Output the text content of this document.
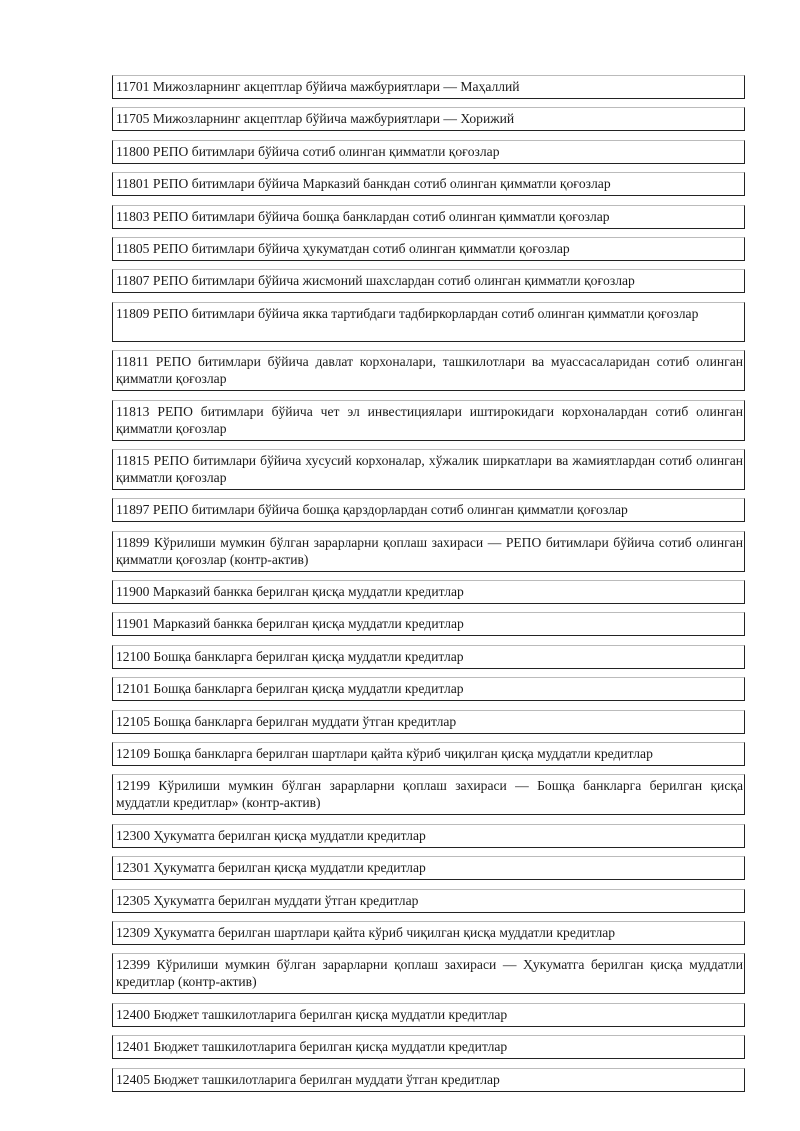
11701 Мижозларнинг акцептлар бўйича мажбуриятлари — Маҳаллий
11705 Мижозларнинг акцептлар бўйича мажбуриятлари — Хорижий
11800 РЕПО битимлари бўйича сотиб олинган қимматли қоғозлар
11801 РЕПО битимлари бўйича Марказий банкдан сотиб олинган қимматли қоғозлар
11803 РЕПО битимлари бўйича бошқа банклардан сотиб олинган қимматли қоғозлар
11805 РЕПО битимлари бўйича ҳукуматдан сотиб олинган қимматли қоғозлар
11807 РЕПО битимлари бўйича жисмоний шахслардан сотиб олинган қимматли қоғозлар
11809 РЕПО битимлари бўйича якка тартибдаги тадбиркорлардан сотиб олинган қимматли қоғозлар
11811 РЕПО битимлари бўйича давлат корхоналари, ташкилотлари ва муассасаларидан сотиб олинган қимматли қоғозлар
11813 РЕПО битимлари бўйича чет эл инвестициялари иштирокидаги корхоналардан сотиб олинган қимматли қоғозлар
11815 РЕПО битимлари бўйича хусусий корхоналар, хўжалик ширкатлари ва жамиятлардан сотиб олинган қимматли қоғозлар
11897 РЕПО битимлари бўйича бошқа қарздорлардан сотиб олинган қимматли қоғозлар
11899 Кўрилиши мумкин бўлган зарарларни қоплаш захираси — РЕПО битимлари бўйича сотиб олинган қимматли қоғозлар (контр-актив)
11900 Марказий банкка берилган қисқа муддатли кредитлар
11901 Марказий банкка берилган қисқа муддатли кредитлар
12100 Бошқа банкларга берилган қисқа муддатли кредитлар
12101 Бошқа банкларга берилган қисқа муддатли кредитлар
12105 Бошқа банкларга берилган муддати ўтган кредитлар
12109 Бошқа банкларга берилган шартлари қайта кўриб чиқилган қисқа муддатли кредитлар
12199 Кўрилиши мумкин бўлган зарарларни қоплаш захираси — Бошқа банкларга берилган қисқа муддатли кредитлар» (контр-актив)
12300 Ҳукуматга берилган қисқа муддатли кредитлар
12301 Ҳукуматга берилган қисқа муддатли кредитлар
12305 Ҳукуматга берилган муддати ўтган кредитлар
12309 Ҳукуматга берилган шартлари қайта кўриб чиқилган қисқа муддатли кредитлар
12399 Кўрилиши мумкин бўлган зарарларни қоплаш захираси — Ҳукуматга берилган қисқа муддатли кредитлар (контр-актив)
12400 Бюджет ташкилотларига берилган қисқа муддатли кредитлар
12401 Бюджет ташкилотларига берилган қисқа муддатли кредитлар
12405 Бюджет ташкилотларига берилган муддати ўтган кредитлар
